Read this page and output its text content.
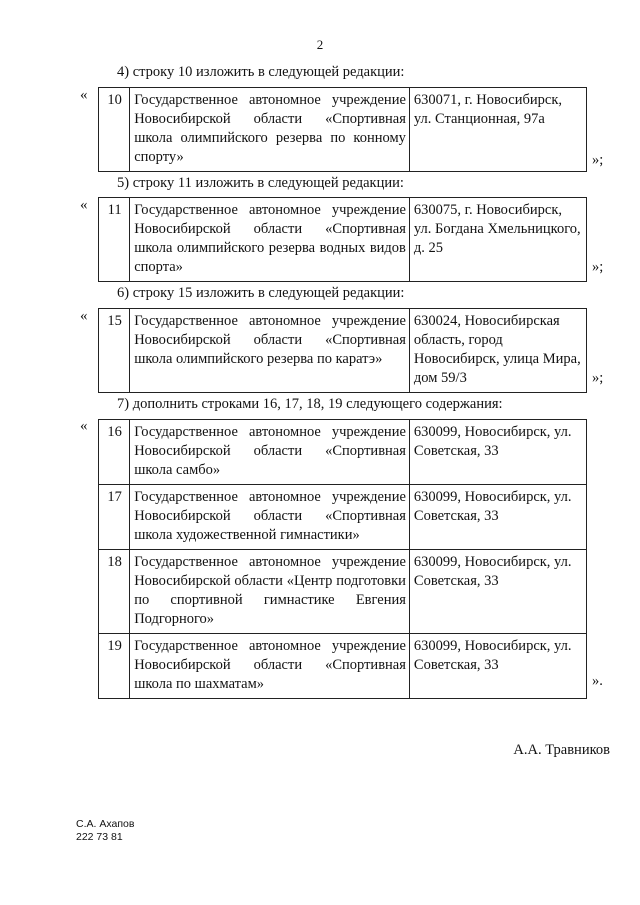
2
4) строку 10 изложить в следующей редакции:
« 10	Государственное автономное учреждение Новосибирской области «Спортивная школа олимпийского резерва по конному спорту»	630071, г. Новосибирск, ул. Станционная, 97а
»;
5) строку 11 изложить в следующей редакции:
« 11	Государственное автономное учреждение Новосибирской области «Спортивная школа олимпийского резерва водных видов спорта»	630075, г. Новосибирск, ул. Богдана Хмельницкого, д. 25
»;
6) строку 15 изложить в следующей редакции:
« 15	Государственное автономное учреждение Новосибирской области «Спортивная школа олимпийского резерва по каратэ»	630024, Новосибирская область, город Новосибирск, улица Мира, дом 59/3	»;
7) дополнить строками 16, 17, 18, 19 следующего содержания:
« 16	Государственное автономное учреждение Новосибирской области «Спортивная школа самбо»	630099, Новосибирск, ул. Советская, 33
17	Государственное автономное учреждение Новосибирской области «Спортивная школа художественной гимнастики»	630099, Новосибирск, ул. Советская, 33
18	Государственное автономное учреждение Новосибирской области «Центр подготовки по спортивной гимнастике Евгения Подгорного»	630099, Новосибирск, ул. Советская, 33
19	Государственное автономное учреждение Новосибирской области «Спортивная школа по шахматам»	630099, Новосибирск, ул. Советская, 33
».
А.А. Травников
С.А. Ахапов
222 73 81
